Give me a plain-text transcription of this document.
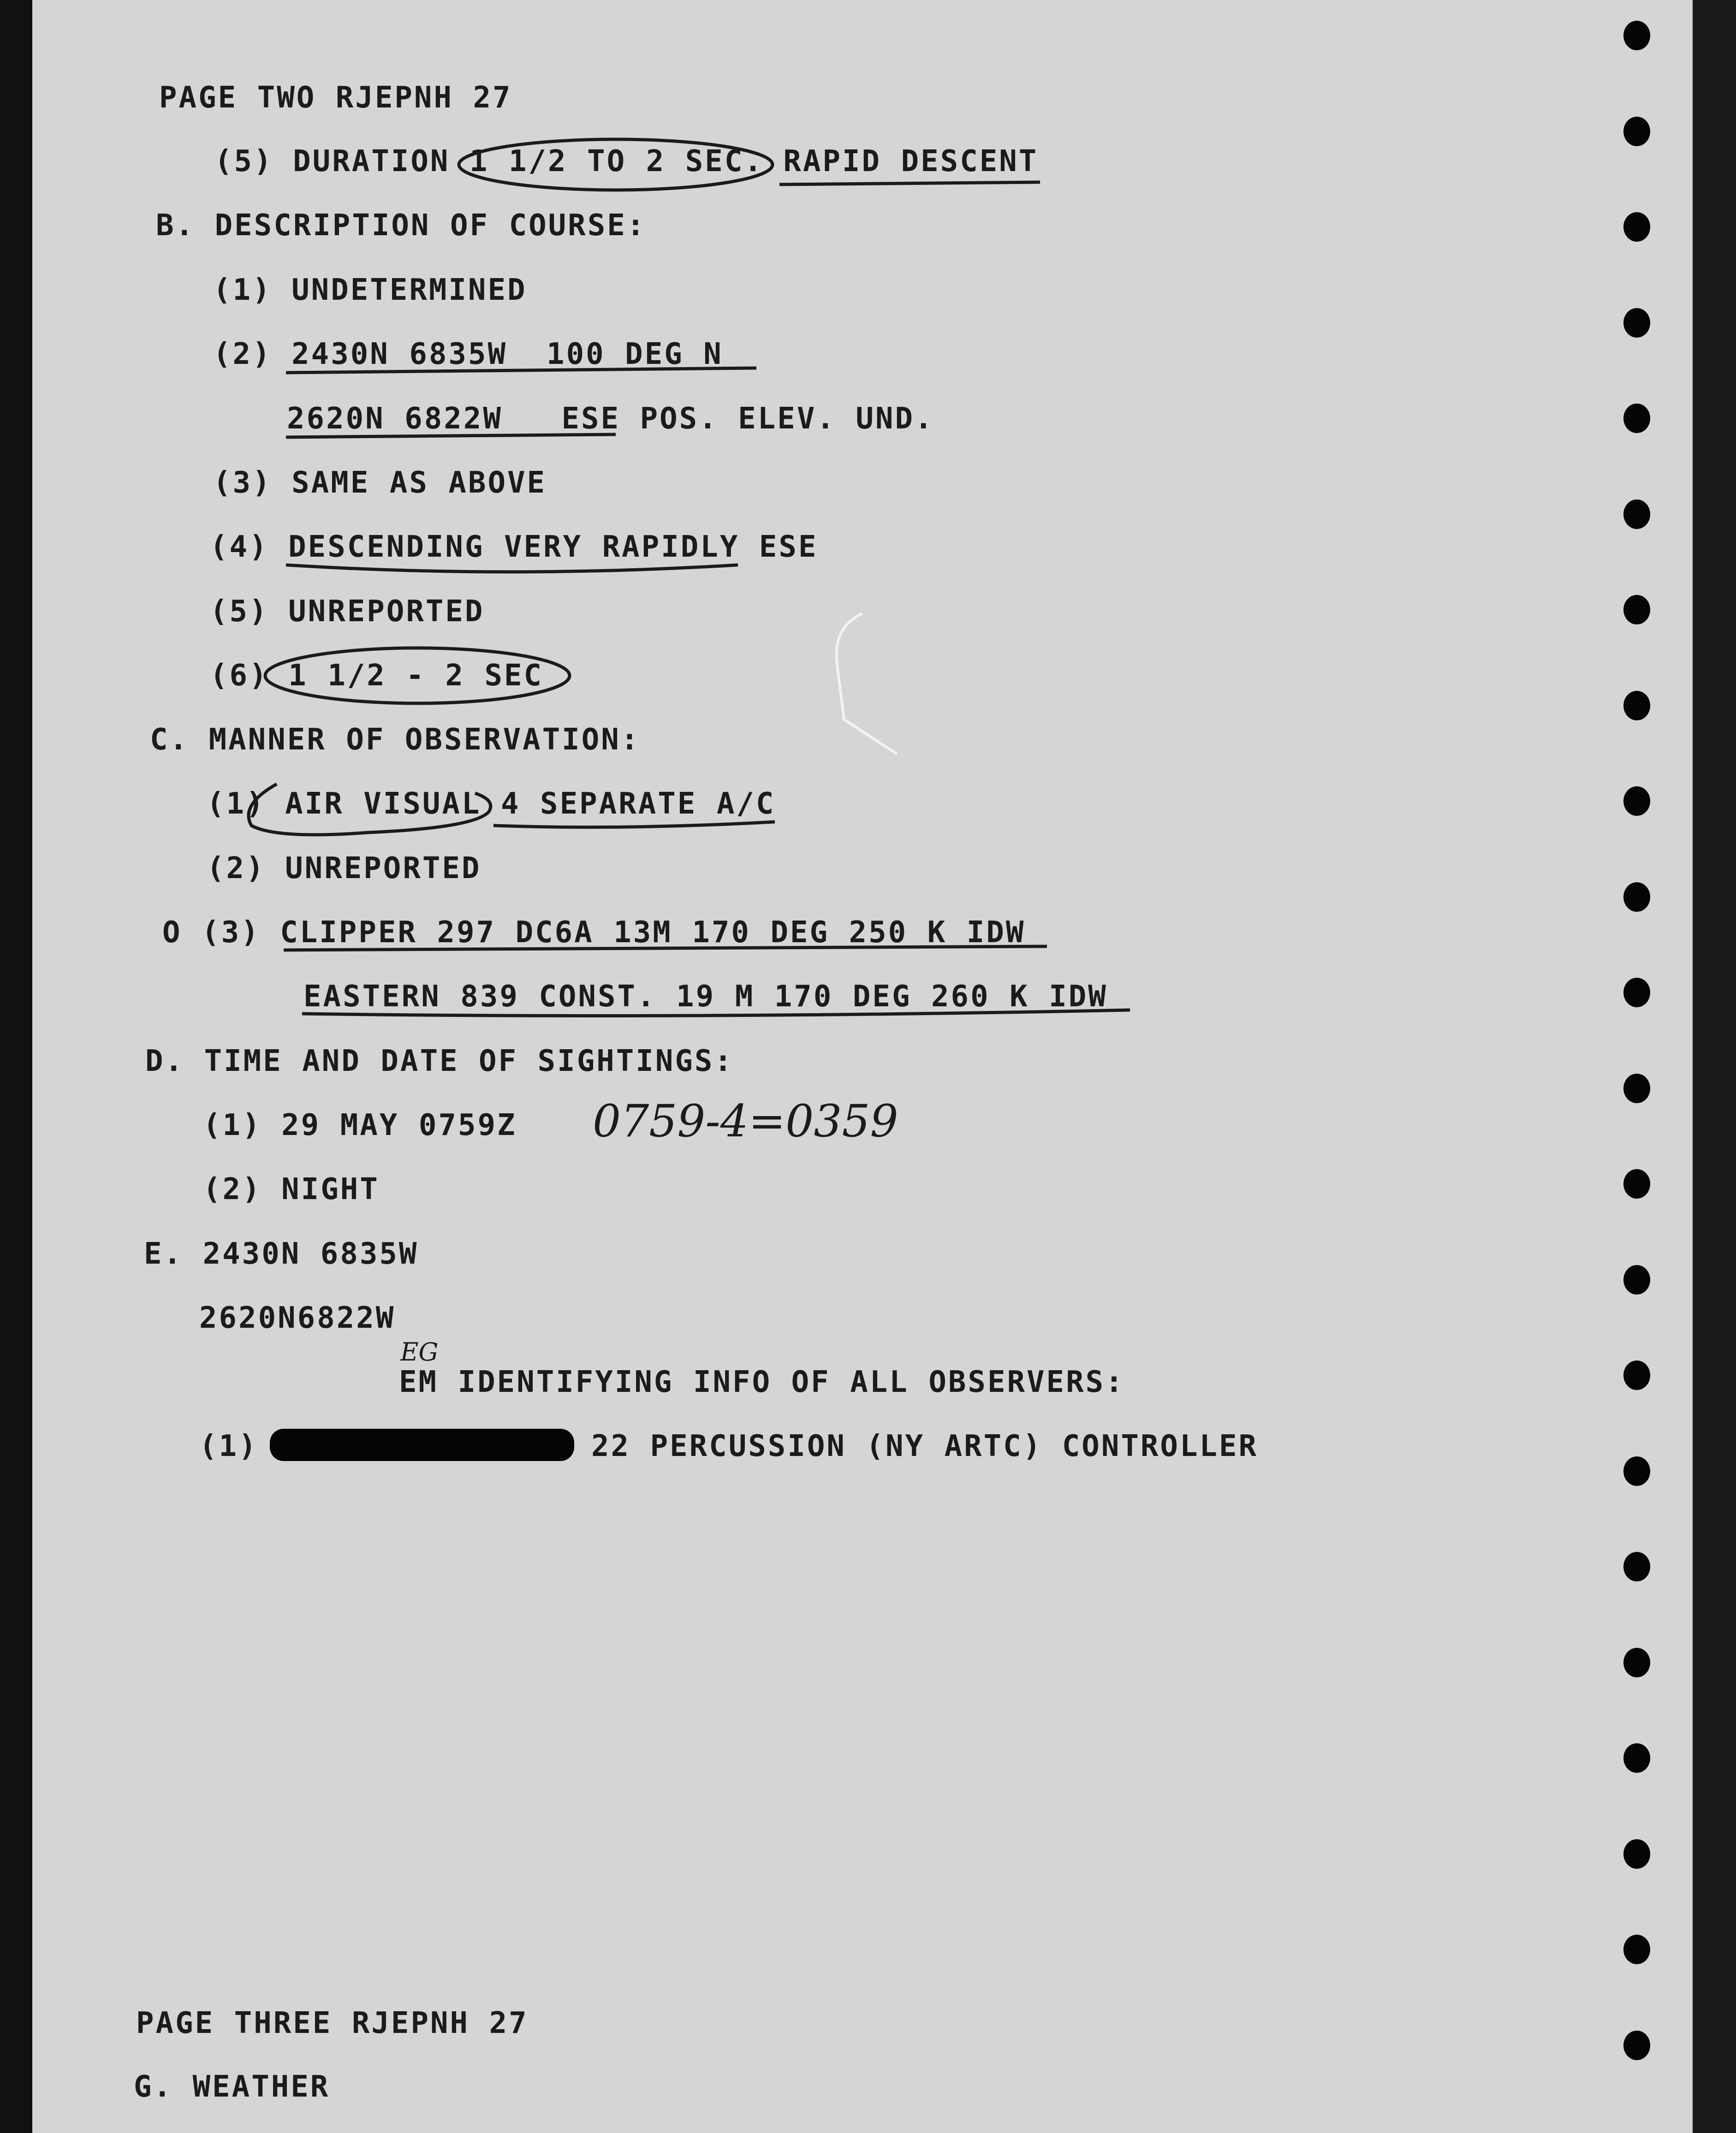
PAGE TWO RJEPNH 27
(5) DURATION 1 1/2 TO 2 SEC. RAPID DESCENT
B. DESCRIPTION OF COURSE:
(1) UNDETERMINED
(2) 2430N 6835W  100 DEG N
2620N 6822W   ESE POS. ELEV. UND.
(3) SAME AS ABOVE
(4) DESCENDING VERY RAPIDLY ESE
(5) UNREPORTED
(6) 1 1/2 - 2 SEC
C. MANNER OF OBSERVATION:
(1) AIR VISUAL 4 SEPARATE A/C
(2) UNREPORTED
O (3) CLIPPER 297 DC6A 13M 170 DEG 250 K IDW
EASTERN 839 CONST. 19 M 170 DEG 260 K IDW
D. TIME AND DATE OF SIGHTINGS:
(1) 29 MAY 0759Z
(2) NIGHT
E. 2430N 6835W
2620N6822W
EM IDENTIFYING INFO OF ALL OBSERVERS:
(1)	22 PERCUSSION (NY ARTC) CONTROLLER
PAGE THREE RJEPNH 27
G. WEATHER
0759-4=0359
EG
